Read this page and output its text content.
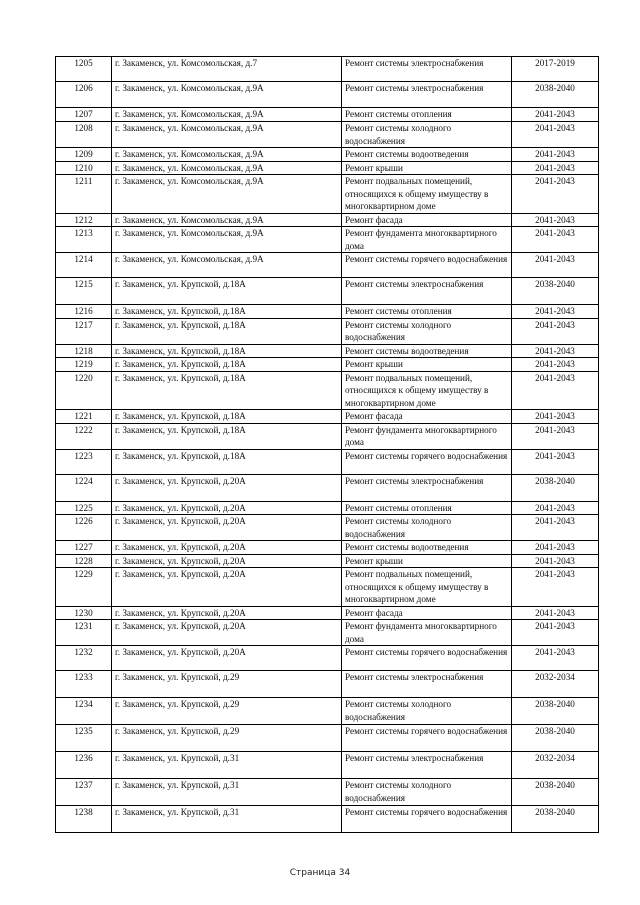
1205	г. Закаменск, ул. Комсомольская, д.7	Ремонт системы электроснабжения	2017-2019
1206	г. Закаменск, ул. Комсомольская, д.9А	Ремонт системы электроснабжения	2038-2040
1207	г. Закаменск, ул. Комсомольская, д.9А	Ремонт системы отопления	2041-2043
1208	г. Закаменск, ул. Комсомольская, д.9А	Ремонт системы холодного водоснабжения	2041-2043
1209	г. Закаменск, ул. Комсомольская, д.9А	Ремонт системы водоотведения	2041-2043
1210	г. Закаменск, ул. Комсомольская, д.9А	Ремонт крыши	2041-2043
1211	г. Закаменск, ул. Комсомольская, д.9А	Ремонт подвальных помещений, относящихся к общему имуществу в многоквартирном доме	2041-2043
1212	г. Закаменск, ул. Комсомольская, д.9А	Ремонт фасада	2041-2043
1213	г. Закаменск, ул. Комсомольская, д.9А	Ремонт фундамента многоквартирного дома	2041-2043
1214	г. Закаменск, ул. Комсомольская, д.9А	Ремонт системы горячего водоснабжения	2041-2043
1215	г. Закаменск, ул. Крупской, д.18А	Ремонт системы электроснабжения	2038-2040
1216	г. Закаменск, ул. Крупской, д.18А	Ремонт системы отопления	2041-2043
1217	г. Закаменск, ул. Крупской, д.18А	Ремонт системы холодного водоснабжения	2041-2043
1218	г. Закаменск, ул. Крупской, д.18А	Ремонт системы водоотведения	2041-2043
1219	г. Закаменск, ул. Крупской, д.18А	Ремонт крыши	2041-2043
1220	г. Закаменск, ул. Крупской, д.18А	Ремонт подвальных помещений, относящихся к общему имуществу в многоквартирном доме	2041-2043
1221	г. Закаменск, ул. Крупской, д.18А	Ремонт фасада	2041-2043
1222	г. Закаменск, ул. Крупской, д.18А	Ремонт фундамента многоквартирного дома	2041-2043
1223	г. Закаменск, ул. Крупской, д.18А	Ремонт системы горячего водоснабжения	2041-2043
1224	г. Закаменск, ул. Крупской, д.20А	Ремонт системы электроснабжения	2038-2040
1225	г. Закаменск, ул. Крупской, д.20А	Ремонт системы отопления	2041-2043
1226	г. Закаменск, ул. Крупской, д.20А	Ремонт системы холодного водоснабжения	2041-2043
1227	г. Закаменск, ул. Крупской, д.20А	Ремонт системы водоотведения	2041-2043
1228	г. Закаменск, ул. Крупской, д.20А	Ремонт крыши	2041-2043
1229	г. Закаменск, ул. Крупской, д.20А	Ремонт подвальных помещений, относящихся к общему имуществу в многоквартирном доме	2041-2043
1230	г. Закаменск, ул. Крупской, д.20А	Ремонт фасада	2041-2043
1231	г. Закаменск, ул. Крупской, д.20А	Ремонт фундамента многоквартирного дома	2041-2043
1232	г. Закаменск, ул. Крупской, д.20А	Ремонт системы горячего водоснабжения	2041-2043
1233	г. Закаменск, ул. Крупской, д.29	Ремонт системы электроснабжения	2032-2034
1234	г. Закаменск, ул. Крупской, д.29	Ремонт системы холодного водоснабжения	2038-2040
1235	г. Закаменск, ул. Крупской, д.29	Ремонт системы горячего водоснабжения	2038-2040
1236	г. Закаменск, ул. Крупской, д.31	Ремонт системы электроснабжения	2032-2034
1237	г. Закаменск, ул. Крупской, д.31	Ремонт системы холодного водоснабжения	2038-2040
1238	г. Закаменск, ул. Крупской, д.31	Ремонт системы горячего водоснабжения	2038-2040
Страница 34
